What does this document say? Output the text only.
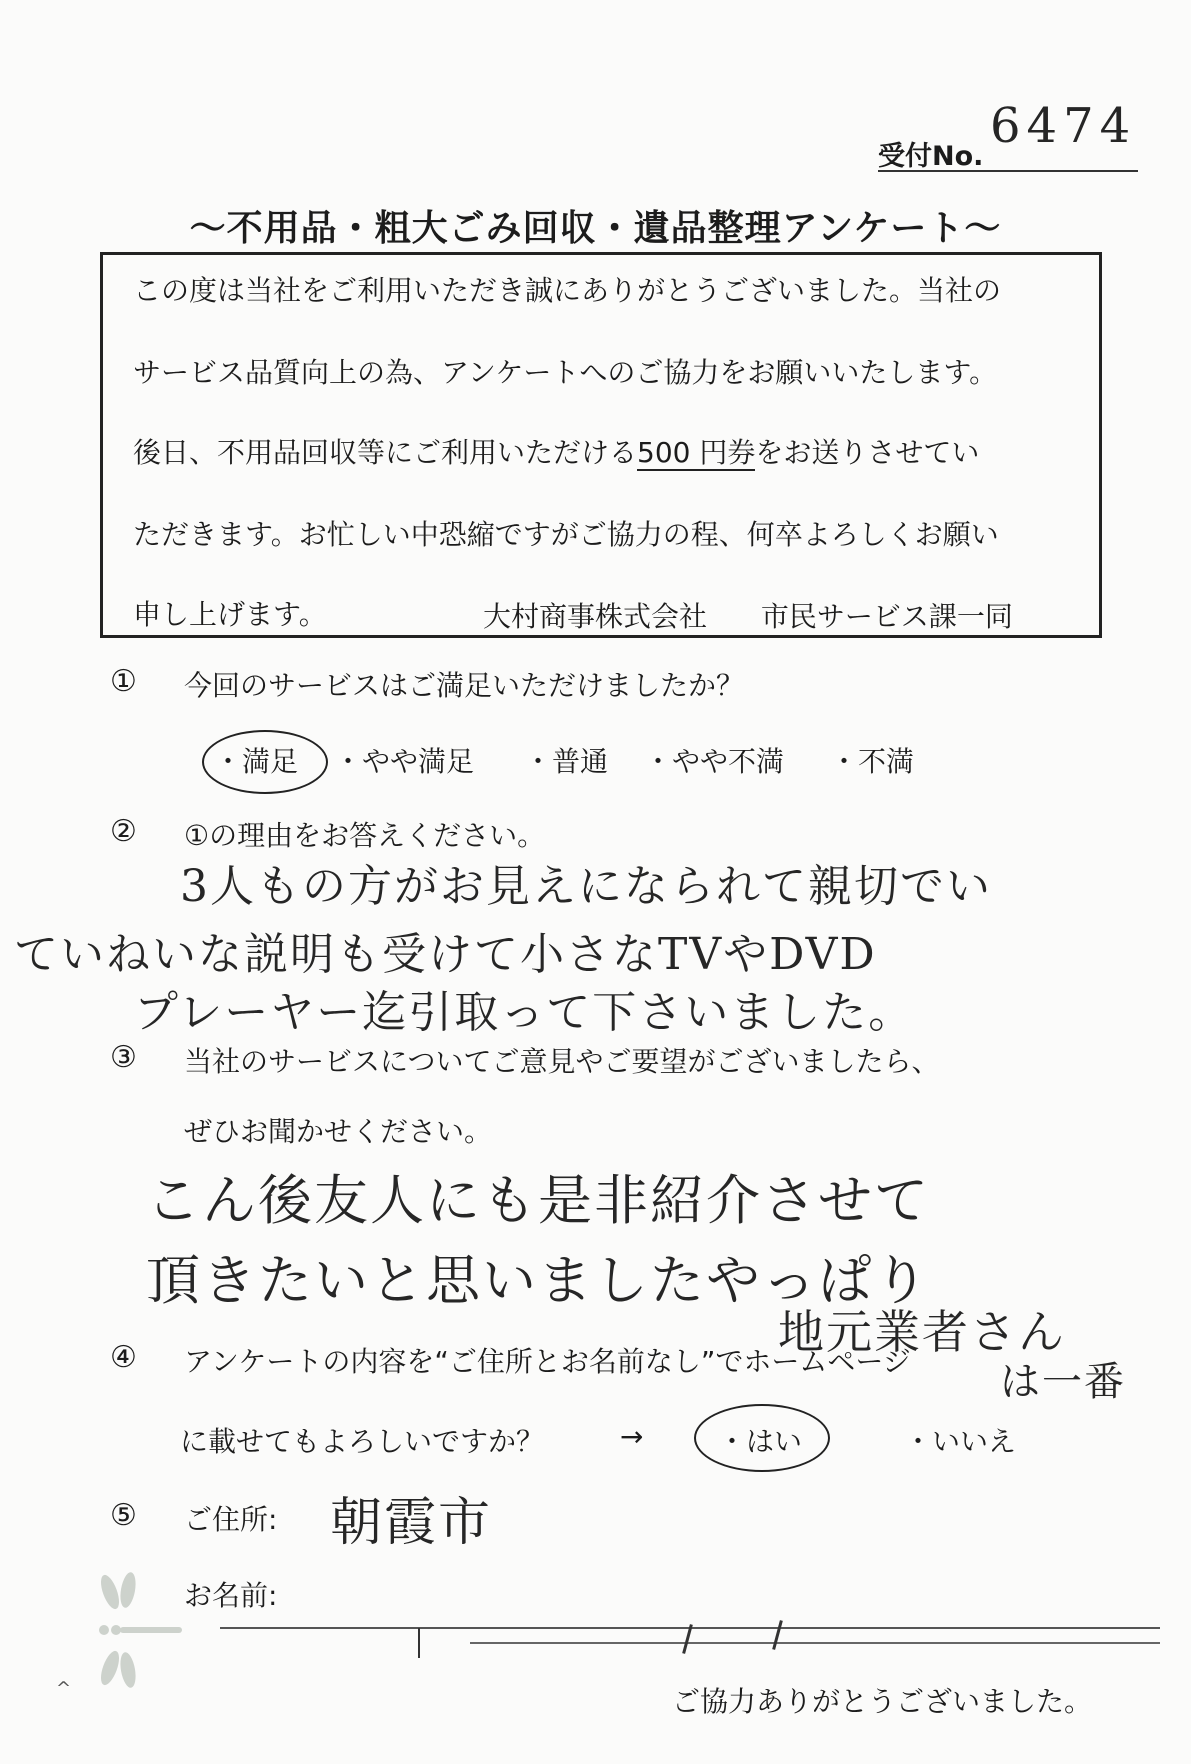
受付No.
6474
～不用品・粗大ごみ回収・遺品整理アンケート～
この度は当社をご利用いただき誠にありがとうございました。当社の
サービス品質向上の為、アンケートへのご協力をお願いいたします。
後日、不用品回収等にご利用いただける500 円券をお送りさせてい
ただきます。お忙しい中恐縮ですがご協力の程、何卒よろしくお願い
申し上げます。	大村商事株式会社 市民サービス課一同
① 今回のサービスはご満足いただけましたか？
・満足 ・やや満足 ・普通 ・やや不満 ・不満
② ①の理由をお答えください。
3人もの方がお見えになられて親切でい
ていねいな説明も受けて小さなTVやDVD
プレーヤー迄引取って下さいました。
③ 当社のサービスについてご意見やご要望がございましたら、
ぜひお聞かせください。
こん後友人にも是非紹介させて
頂きたいと思いましたやっぱり
地元業者さん
は一番
④ アンケートの内容を“ご住所とお名前なし”でホームページ
に載せてもよろしいですか？	→	・はい	・いいえ
⑤ ご住所: 朝霞市
お名前:
^	ご協力ありがとうございました。
